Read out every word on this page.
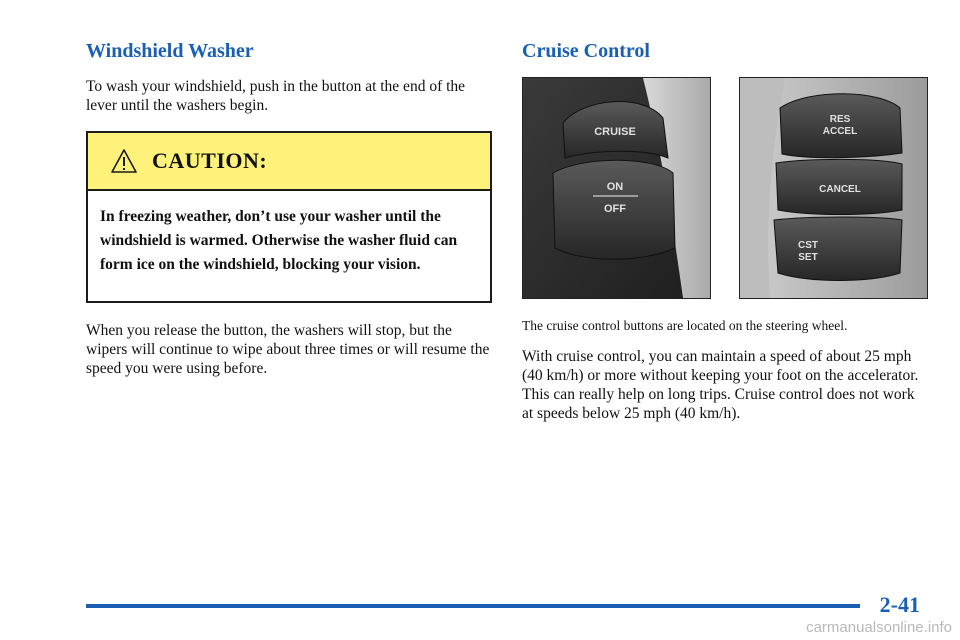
Windshield Washer

To wash your windshield, push in the button at the end of the lever until the washers begin.

CAUTION:
In freezing weather, don’t use your washer until the windshield is warmed. Otherwise the washer fluid can form ice on the windshield, blocking your vision.

When you release the button, the washers will stop, but the wipers will continue to wipe about three times or will resume the speed you were using before.

Cruise Control
CRUISE
ON
OFF
RES
ACCEL
CANCEL
CST
SET
The cruise control buttons are located on the steering wheel.

With cruise control, you can maintain a speed of about 25 mph (40 km/h) or more without keeping your foot on the accelerator. This can really help on long trips. Cruise control does not work at speeds below 25 mph (40 km/h).

2-41
carmanualsonline.info
